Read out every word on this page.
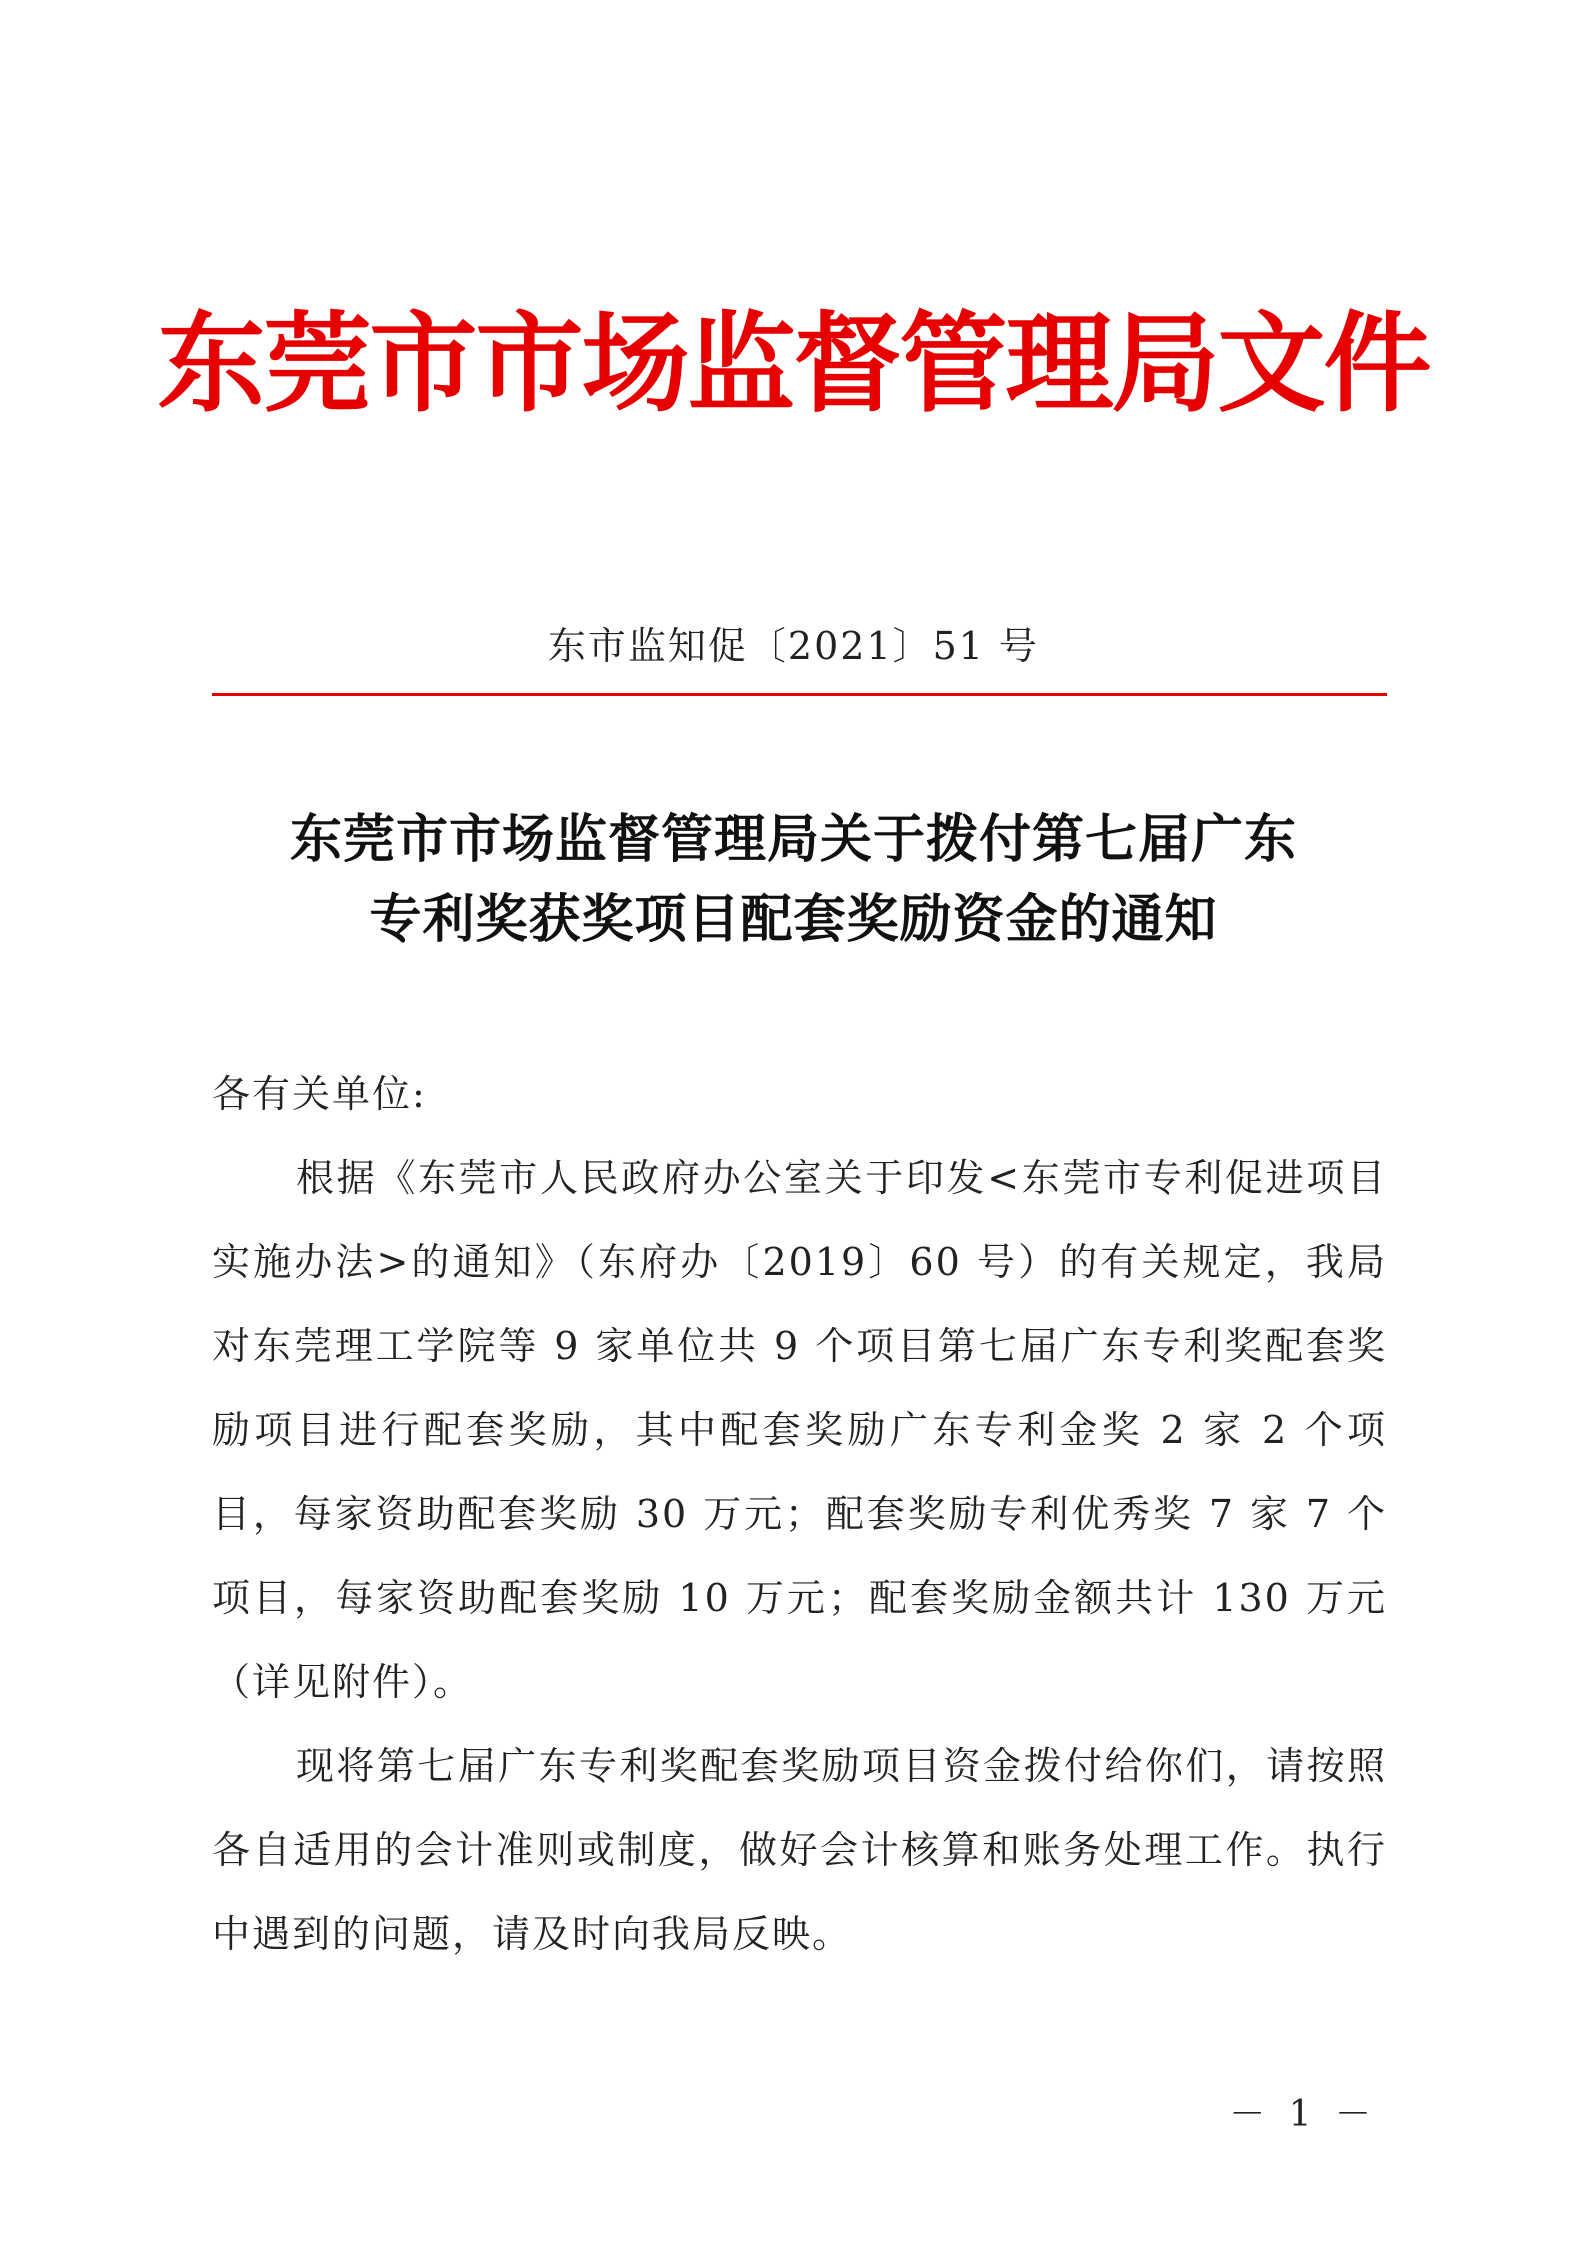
东莞市市场监督管理局文件
东市监知促〔2021〕51 号
东莞市市场监督管理局关于拨付第七届广东
专利奖获奖项目配套奖励资金的通知

各有关单位:

根据《东莞市人民政府办公室关于印发<东莞市专利促进项目实施办法>的通知》（东府办〔2019〕60 号）的有关规定，我局对东莞理工学院等 9 家单位共 9 个项目第七届广东专利奖配套奖励项目进行配套奖励，其中配套奖励广东专利金奖 2 家 2 个项目，每家资助配套奖励 30 万元；配套奖励专利优秀奖 7 家 7 个项目，每家资助配套奖励 10 万元；配套奖励金额共计 130 万元（详见附件）。

现将第七届广东专利奖配套奖励项目资金拨付给你们，请按照各自适用的会计准则或制度，做好会计核算和账务处理工作。执行中遇到的问题，请及时向我局反映。

－ 1 －
